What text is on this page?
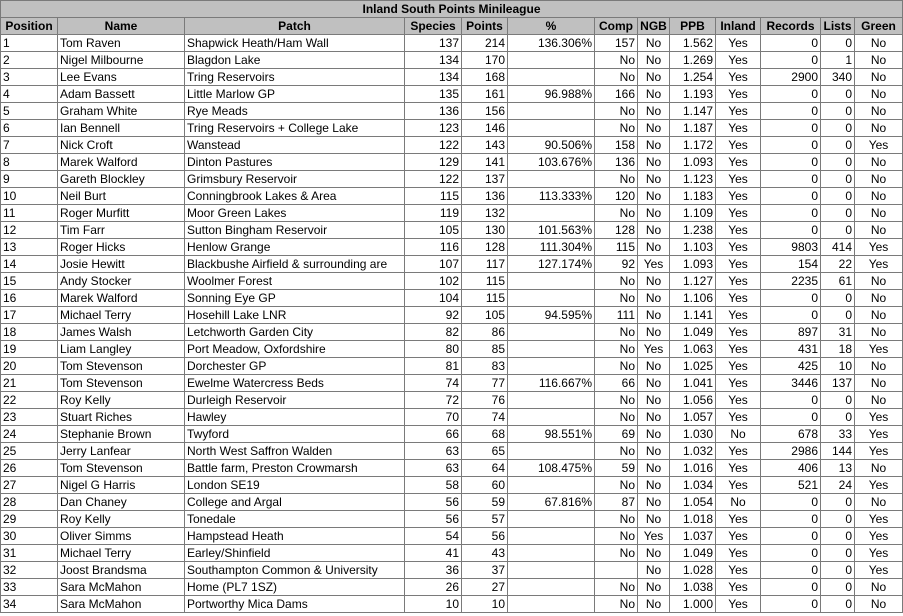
Inland South Points Minileague												
Position	Name	Patch	Species	Points	%	Comp	NGB	PPB	Inland	Records	Lists	Green
1	Tom Raven	Shapwick Heath/Ham Wall	137	214	136.306%	157	No	1.562	Yes	0	0	No
2	Nigel Milbourne	Blagdon Lake	134	170		No	No	1.269	Yes	0	1	No
3	Lee Evans	Tring Reservoirs	134	168		No	No	1.254	Yes	2900	340	No
4	Adam Bassett	Little Marlow GP	135	161	96.988%	166	No	1.193	Yes	0	0	No
5	Graham White	Rye Meads	136	156		No	No	1.147	Yes	0	0	No
6	Ian Bennell	Tring Reservoirs + College Lake	123	146		No	No	1.187	Yes	0	0	No
7	Nick Croft	Wanstead	122	143	90.506%	158	No	1.172	Yes	0	0	Yes
8	Marek Walford	Dinton Pastures	129	141	103.676%	136	No	1.093	Yes	0	0	No
9	Gareth Blockley	Grimsbury Reservoir	122	137		No	No	1.123	Yes	0	0	No
10	Neil Burt	Conningbrook Lakes & Area	115	136	113.333%	120	No	1.183	Yes	0	0	No
11	Roger Murfitt	Moor Green Lakes	119	132		No	No	1.109	Yes	0	0	No
12	Tim Farr	Sutton Bingham Reservoir	105	130	101.563%	128	No	1.238	Yes	0	0	No
13	Roger Hicks	Henlow Grange	116	128	111.304%	115	No	1.103	Yes	9803	414	Yes
14	Josie Hewitt	Blackbushe Airfield & surrounding are	107	117	127.174%	92	Yes	1.093	Yes	154	22	Yes
15	Andy Stocker	Woolmer Forest	102	115		No	No	1.127	Yes	2235	61	No
16	Marek Walford	Sonning Eye GP	104	115		No	No	1.106	Yes	0	0	No
17	Michael Terry	Hosehill Lake LNR	92	105	94.595%	111	No	1.141	Yes	0	0	No
18	James Walsh	Letchworth Garden City	82	86		No	No	1.049	Yes	897	31	No
19	Liam Langley	Port Meadow, Oxfordshire	80	85		No	Yes	1.063	Yes	431	18	Yes
20	Tom Stevenson	Dorchester GP	81	83		No	No	1.025	Yes	425	10	No
21	Tom Stevenson	Ewelme Watercress Beds	74	77	116.667%	66	No	1.041	Yes	3446	137	No
22	Roy Kelly	Durleigh Reservoir	72	76		No	No	1.056	Yes	0	0	No
23	Stuart Riches	Hawley	70	74		No	No	1.057	Yes	0	0	Yes
24	Stephanie Brown	Twyford	66	68	98.551%	69	No	1.030	No	678	33	Yes
25	Jerry Lanfear	North West Saffron Walden	63	65		No	No	1.032	Yes	2986	144	Yes
26	Tom Stevenson	Battle farm, Preston Crowmarsh	63	64	108.475%	59	No	1.016	Yes	406	13	No
27	Nigel G Harris	London SE19	58	60		No	No	1.034	Yes	521	24	Yes
28	Dan Chaney	College and Argal	56	59	67.816%	87	No	1.054	No	0	0	No
29	Roy Kelly	Tonedale	56	57		No	No	1.018	Yes	0	0	Yes
30	Oliver Simms	Hampstead Heath	54	56		No	Yes	1.037	Yes	0	0	Yes
31	Michael Terry	Earley/Shinfield	41	43		No	No	1.049	Yes	0	0	Yes
32	Joost Brandsma	Southampton Common & University	36	37			No	1.028	Yes	0	0	Yes
33	Sara McMahon	Home (PL7 1SZ)	26	27		No	No	1.038	Yes	0	0	No
34	Sara McMahon	Portworthy Mica Dams	10	10		No	No	1.000	Yes	0	0	No
